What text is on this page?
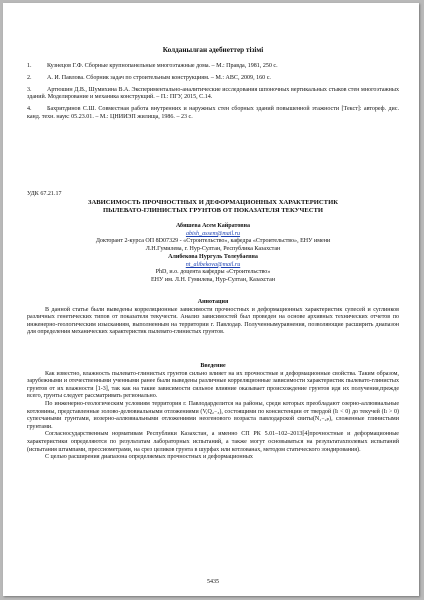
Колданылған әдебиеттер тізімі

1.	Кузнецов Г.Ф. Сборные крупнопанельные многоэтажные дома. – М.: Правда, 1981, 250 с.

2.	А. И. Павлова. Сборник задач по строительным конструкциям. – М.: АВС, 2009, 160 с.

3.	Артюшин Д.В., Шумихина В.А. Экспериментально-аналитические исследования шпоночных вертикальных стыков стен многоэтажных зданий. Моделирование и механика конструкций. – П.: ПГУ, 2015, С.14.

4.	Бахритдинов С.Ш. Совместная работа внутренних и наружных стен сборных зданий повышенной этажности [Текст]: автореф. дис. канд. техн. наук: 05.23.01. – М.: ЦНИИЭП жилища, 1986. – 23 с.

УДК 67.21.17
ЗАВИСИМОСТЬ ПРОЧНОСТНЫХ И ДЕФОРМАЦИОННЫХ ХАРАКТЕРИСТИК
ПЫЛЕВАТО-ГЛИНИСТЫХ ГРУНТОВ ОТ ПОКАЗАТЕЛЯ ТЕКУЧЕСТИ
Абишева Асем Кайратовна
abish_assem@mail.ru
Докторант 2-курса ОП 8D07329 - «Строительство», кафедра «Строительство», ЕНУ имени
Л.Н.Гумилева, г. Нур-Султан, Республика Казахстан
Алибекова Нургуль Толеубаевна
nt_alibekova@mail.ru
PhD, и.о. доцента кафедры «Строительство»
ЕНУ им. Л.Н. Гумилева, Нур-Султан, Казахстан
Аннотация

В данной статье были выведены корреляционные зависимости прочностных и деформационных характеристик супесей и суглинков различных генетических типов от показателя текучести. Анализ зависимостей был проведен на основе архивных технических отчетов по инженерно-геологическим изысканиям, выполненным на территории г. Павлодар. Полученнымуравнения, позволяющие расширить диапазон для определения механических характеристик пылевато-глинистых грунтов.

Введение

Как известно, влажность пылевато-глинистых грунтов сильно влияет на их прочностные и деформационные свойства. Таким образом, зарубежными и отечественными ученными ранее были выведены различные корреляционные зависимости характеристик пылевато-глинистых грунтов от их влажности [1-3], так как на такие зависимости сильное влияние оказывает происхождение грунтов идя их получения,прежде всего, грунты следует рассматривать регионально.

По инженерно-геологическим условиям территория г. Павлодарделится на районы, среди которых преобладают озерно-аллювиальные котловины, представленные золово-делювиальными отложениями (V,Q₂₋₃), состоящими по консистенции от твердой (Iₗ < 0) до текучей (Iₗ > 0) супесчаными грунтами, иозерно-аллювиальными отложениями неогенового возраста павлодарской свиты(N₁₋₂ₚ), сложенные глинистыми грунтами.

Согласносударственным нормативам Республики Казахстан, а именно СП РК 5.01–102–2013[4]прочностные и деформационные характеристики определяются по результатам лабораторных испытаний, а также могут основываться на результатахполевых испытаний (испытания штампами, прессиометрами, на срез целиков грунта в шурфах или котлованах, методом статического зондирования).

С целью расширения диапазона определяемых прочностных и деформационных

5435
